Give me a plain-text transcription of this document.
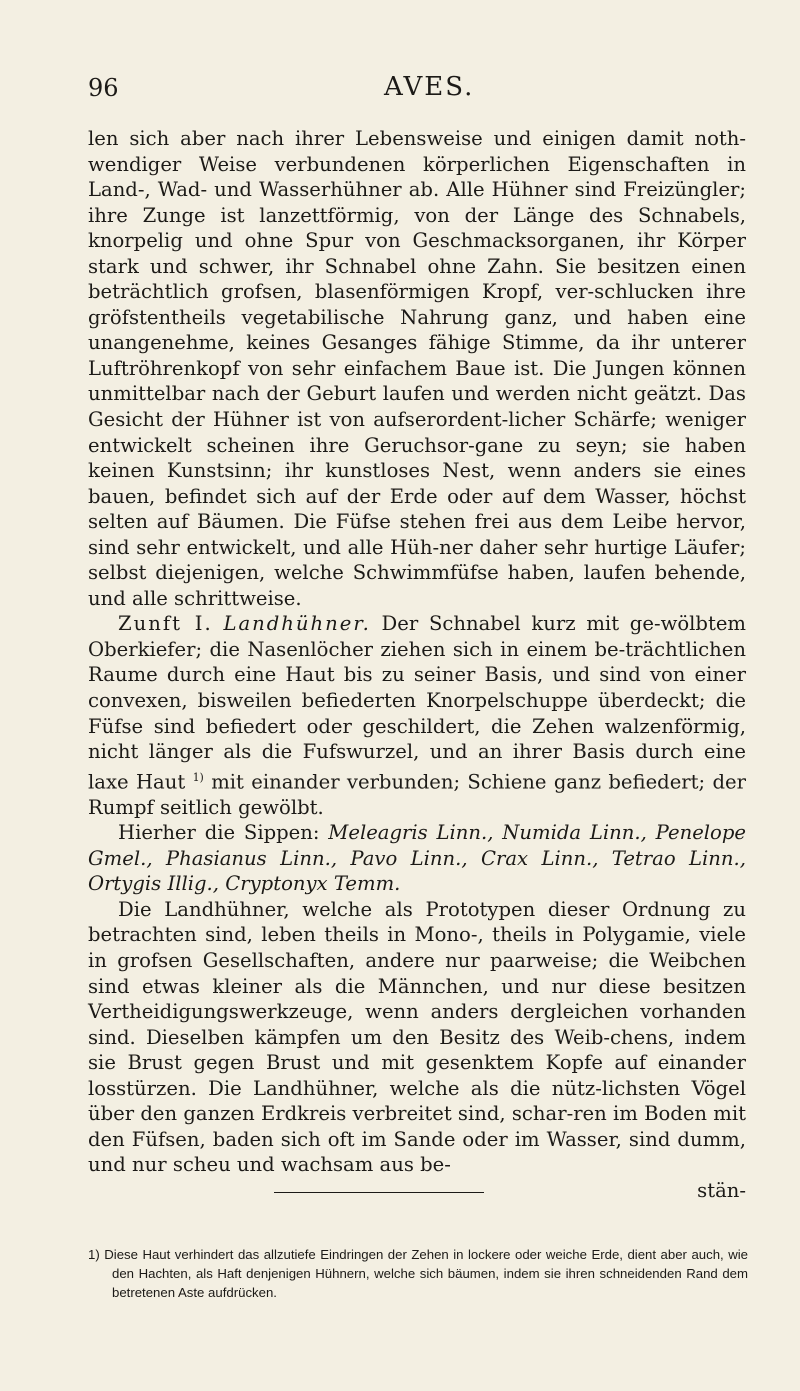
96	AVES.

len sich aber nach ihrer Lebensweise und einigen damit noth-wendiger Weise verbundenen körperlichen Eigenschaften in Land-, Wad- und Wasserhühner ab. Alle Hühner sind Freizüngler; ihre Zunge ist lanzettförmig, von der Länge des Schnabels, knorpelig und ohne Spur von Geschmacksorganen, ihr Körper stark und schwer, ihr Schnabel ohne Zahn. Sie besitzen einen beträchtlich grofsen, blasenförmigen Kropf, ver-schlucken ihre gröfstentheils vegetabilische Nahrung ganz, und haben eine unangenehme, keines Gesanges fähige Stimme, da ihr unterer Luftröhrenkopf von sehr einfachem Baue ist. Die Jungen können unmittelbar nach der Geburt laufen und werden nicht geätzt. Das Gesicht der Hühner ist von aufserordent-licher Schärfe; weniger entwickelt scheinen ihre Geruchsor-gane zu seyn; sie haben keinen Kunstsinn; ihr kunstloses Nest, wenn anders sie eines bauen, befindet sich auf der Erde oder auf dem Wasser, höchst selten auf Bäumen. Die Füfse stehen frei aus dem Leibe hervor, sind sehr entwickelt, und alle Hüh-ner daher sehr hurtige Läufer; selbst diejenigen, welche Schwimmfüfse haben, laufen behende, und alle schrittweise.

Zunft I. Landhühner. Der Schnabel kurz mit ge-wölbtem Oberkiefer; die Nasenlöcher ziehen sich in einem be-trächtlichen Raume durch eine Haut bis zu seiner Basis, und sind von einer convexen, bisweilen befiederten Knorpelschuppe überdeckt; die Füfse sind befiedert oder geschildert, die Zehen walzenförmig, nicht länger als die Fufswurzel, und an ihrer Basis durch eine laxe Haut $^{1)}$ mit einander verbunden; Schiene ganz befiedert; der Rumpf seitlich gewölbt.

Hierher die Sippen: Meleagris Linn., Numida Linn., Penelope Gmel., Phasianus Linn., Pavo Linn., Crax Linn., Tetrao Linn., Ortygis Illig., Cryptonyx Temm.

Die Landhühner, welche als Prototypen dieser Ordnung zu betrachten sind, leben theils in Mono-, theils in Polygamie, viele in grofsen Gesellschaften, andere nur paarweise; die Weibchen sind etwas kleiner als die Männchen, und nur diese besitzen Vertheidigungswerkzeuge, wenn anders dergleichen vorhanden sind. Dieselben kämpfen um den Besitz des Weib-chens, indem sie Brust gegen Brust und mit gesenktem Kopfe auf einander losstürzen. Die Landhühner, welche als die nütz-lichsten Vögel über den ganzen Erdkreis verbreitet sind, schar-ren im Boden mit den Füfsen, baden sich oft im Sande oder im Wasser, sind dumm, und nur scheu und wachsam aus be-

stän-

1) Diese Haut verhindert das allzutiefe Eindringen der Zehen in lockere oder weiche Erde, dient aber auch, wie den Hachten, als Haft denjenigen Hühnern, welche sich bäumen, indem sie ihren schneidenden Rand dem betretenen Aste aufdrücken.
